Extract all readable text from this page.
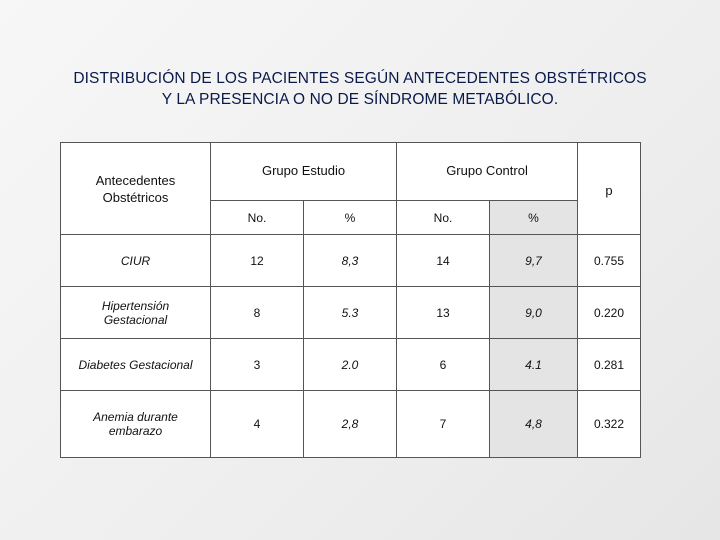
DISTRIBUCIÓN DE LOS PACIENTES SEGÚN ANTECEDENTES OBSTÉTRICOS
Y LA PRESENCIA O NO DE SÍNDROME METABÓLICO.
Antecedentes Obstétricos	Grupo Estudio		Grupo Control		p
	No.	%	No.	%	
CIUR	12	8,3	14	9,7	0.755
Hipertensión Gestacional	8	5.3	13	9,0	0.220
Diabetes Gestacional	3	2.0	6	4.1	0.281
Anemia durante embarazo	4	2,8	7	4,8	0.322
